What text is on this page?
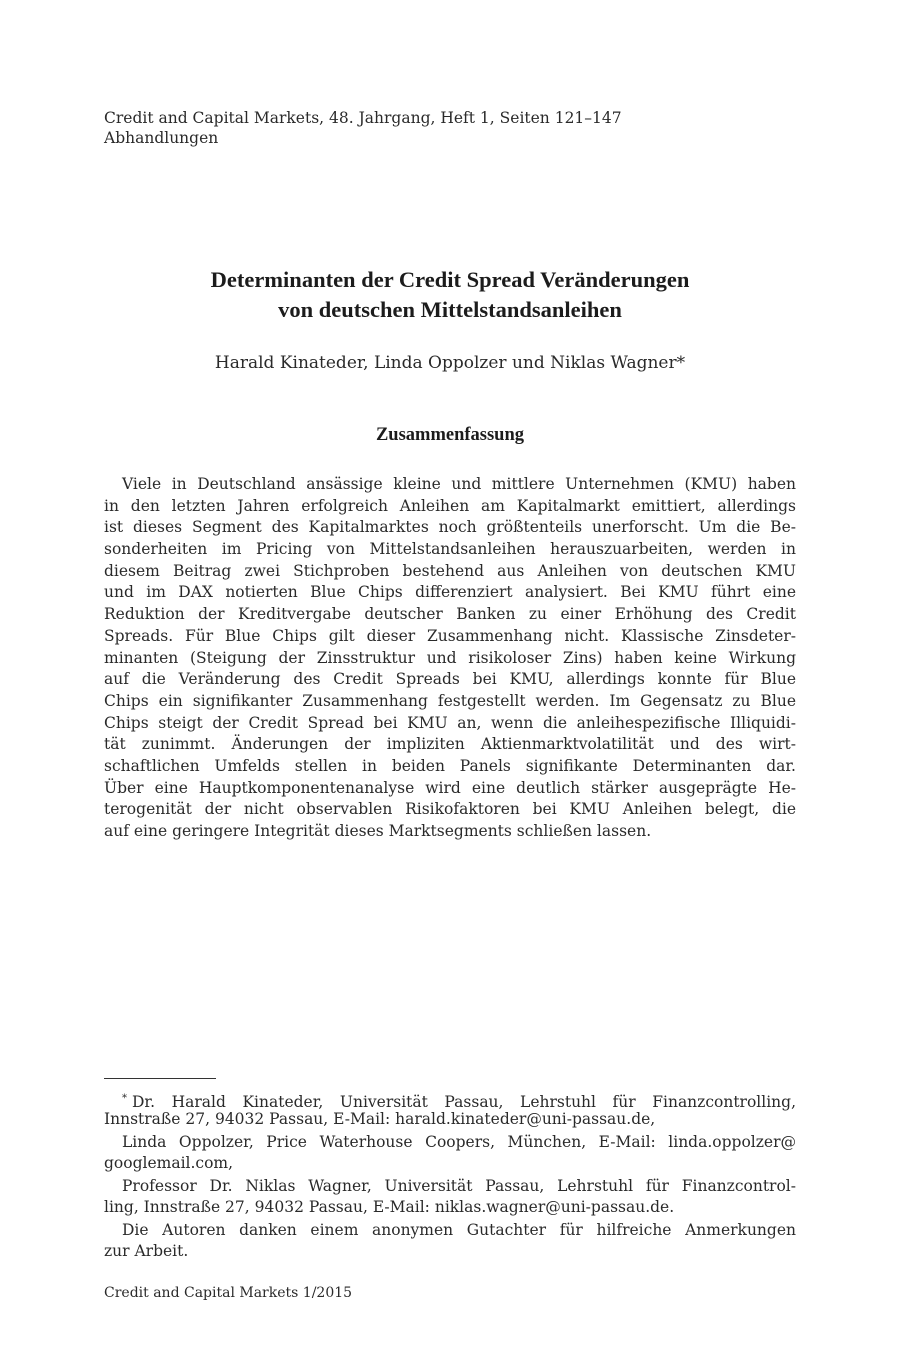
Credit and Capital Markets, 48. Jahrgang, Heft 1, Seiten 121–147
Abhandlungen
Determinanten der Credit Spread Veränderungen
von deutschen Mittelstandsanleihen
Harald Kinateder, Linda Oppolzer und Niklas Wagner*
Zusammenfassung
Viele in Deutschland ansässige kleine und mittlere Unternehmen (KMU) haben
in den letzten Jahren erfolgreich Anleihen am Kapitalmarkt emittiert, allerdings
ist dieses Segment des Kapitalmarktes noch größtenteils unerforscht. Um die Be-
sonderheiten im Pricing von Mittelstandsanleihen herauszuarbeiten, werden in
diesem Beitrag zwei Stichproben bestehend aus Anleihen von deutschen KMU
und im DAX notierten Blue Chips differenziert analysiert. Bei KMU führt eine
Reduktion der Kreditvergabe deutscher Banken zu einer Erhöhung des Credit
Spreads. Für Blue Chips gilt dieser Zusammenhang nicht. Klassische Zinsdeter-
minanten (Steigung der Zinsstruktur und risikoloser Zins) haben keine Wirkung
auf die Veränderung des Credit Spreads bei KMU, allerdings konnte für Blue
Chips ein signifikanter Zusammenhang festgestellt werden. Im Gegensatz zu Blue
Chips steigt der Credit Spread bei KMU an, wenn die anleihespezifische Illiquidi-
tät zunimmt. Änderungen der impliziten Aktienmarktvolatilität und des wirt-
schaftlichen Umfelds stellen in beiden Panels signifikante Determinanten dar.
Über eine Hauptkomponentenanalyse wird eine deutlich stärker ausgeprägte He-
terogenität der nicht observablen Risikofaktoren bei KMU Anleihen belegt, die
auf eine geringere Integrität dieses Marktsegments schließen lassen.
* Dr. Harald Kinateder, Universität Passau, Lehrstuhl für Finanzcontrolling,
Innstraße 27, 94032 Passau, E-Mail: harald.kinateder@uni-passau.de,
Linda Oppolzer, Price Waterhouse Coopers, München, E-Mail: linda.oppolzer@
googlemail.com,
Professor Dr. Niklas Wagner, Universität Passau, Lehrstuhl für Finanzcontrol-
ling, Innstraße 27, 94032 Passau, E-Mail: niklas.wagner@uni-passau.de.
Die Autoren danken einem anonymen Gutachter für hilfreiche Anmerkungen
zur Arbeit.
Credit and Capital Markets 1/2015
